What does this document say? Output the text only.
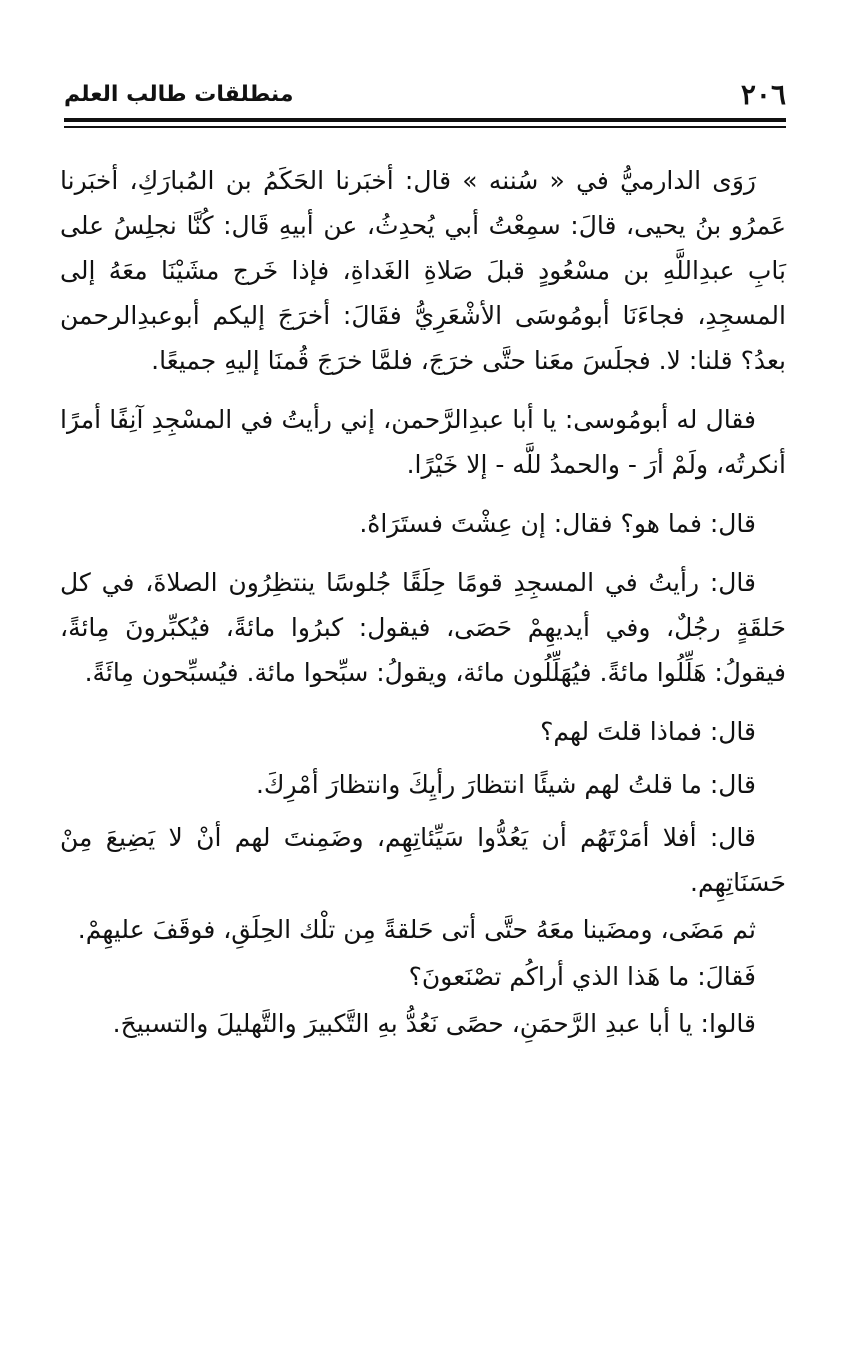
٢٠٦
منطلقات طالب العلم

رَوَى الدارميُّ في « سُننه » قال: أخبَرنا الحَكَمُ بن المُبارَكِ، أخبَرنا عَمرُو بنُ يحيى، قالَ: سمِعْتُ أبي يُحدِثُ، عن أبيهِ قَال: كُنَّا نجلِسُ على بَابِ عبدِاللَّهِ بن مسْعُودٍ قبلَ صَلاةِ الغَداةِ، فإذا خَرج مشَيْنَا معَهُ إلى المسجِدِ، فجاءَنَا أبومُوسَى الأشْعَرِيُّ فقَالَ: أخرَجَ إليكم أبوعبدِالرحمن بعدُ؟ قلنا: لا. فجلَسَ معَنا حتَّى خرَجَ، فلمَّا خرَجَ قُمنَا إليهِ جميعًا.

فقال له أبومُوسى: يا أبا عبدِالرَّحمن، إني رأيتُ في المسْجِدِ آنِفًا أمرًا أنكرتُه، ولَمْ أرَ - والحمدُ للَّه - إلا خَيْرًا.

قال: فما هو؟ فقال: إن عِشْتَ فستَرَاهُ.

قال: رأيتُ في المسجِدِ قومًا حِلَقًا جُلوسًا ينتظِرُون الصلاةَ، في كل حَلقَةٍ رجُلٌ، وفي أيديهِمْ حَصَى، فيقول: كبرُوا مائةً، فيُكبِّرونَ مِائةً، فيقولُ: هَلِّلُوا مائةً. فيُهَلِّلُون مائة، ويقولُ: سبِّحوا مائة. فيُسبِّحون مِائَةً.

قال: فماذا قلتَ لهم؟

قال: ما قلتُ لهم شيئًا انتظارَ رأيِكَ وانتظارَ أمْرِكَ.

قال: أفلا أمَرْتَهُم أن يَعُدُّوا سَيِّئاتِهِم، وضَمِنتَ لهم أنْ لا يَضِيعَ مِنْ حَسَنَاتِهِم.

ثم مَضَى، ومضَينا معَهُ حتَّى أتى حَلقةً مِن تلْك الحِلَقِ، فوقَفَ عليهِمْ.

فَقالَ: ما هَذا الذي أراكُم تصْنَعونَ؟

قالوا: يا أبا عبدِ الرَّحمَنِ، حصًى نَعُدُّ بهِ التَّكبيرَ والتَّهليلَ والتسبيحَ.
